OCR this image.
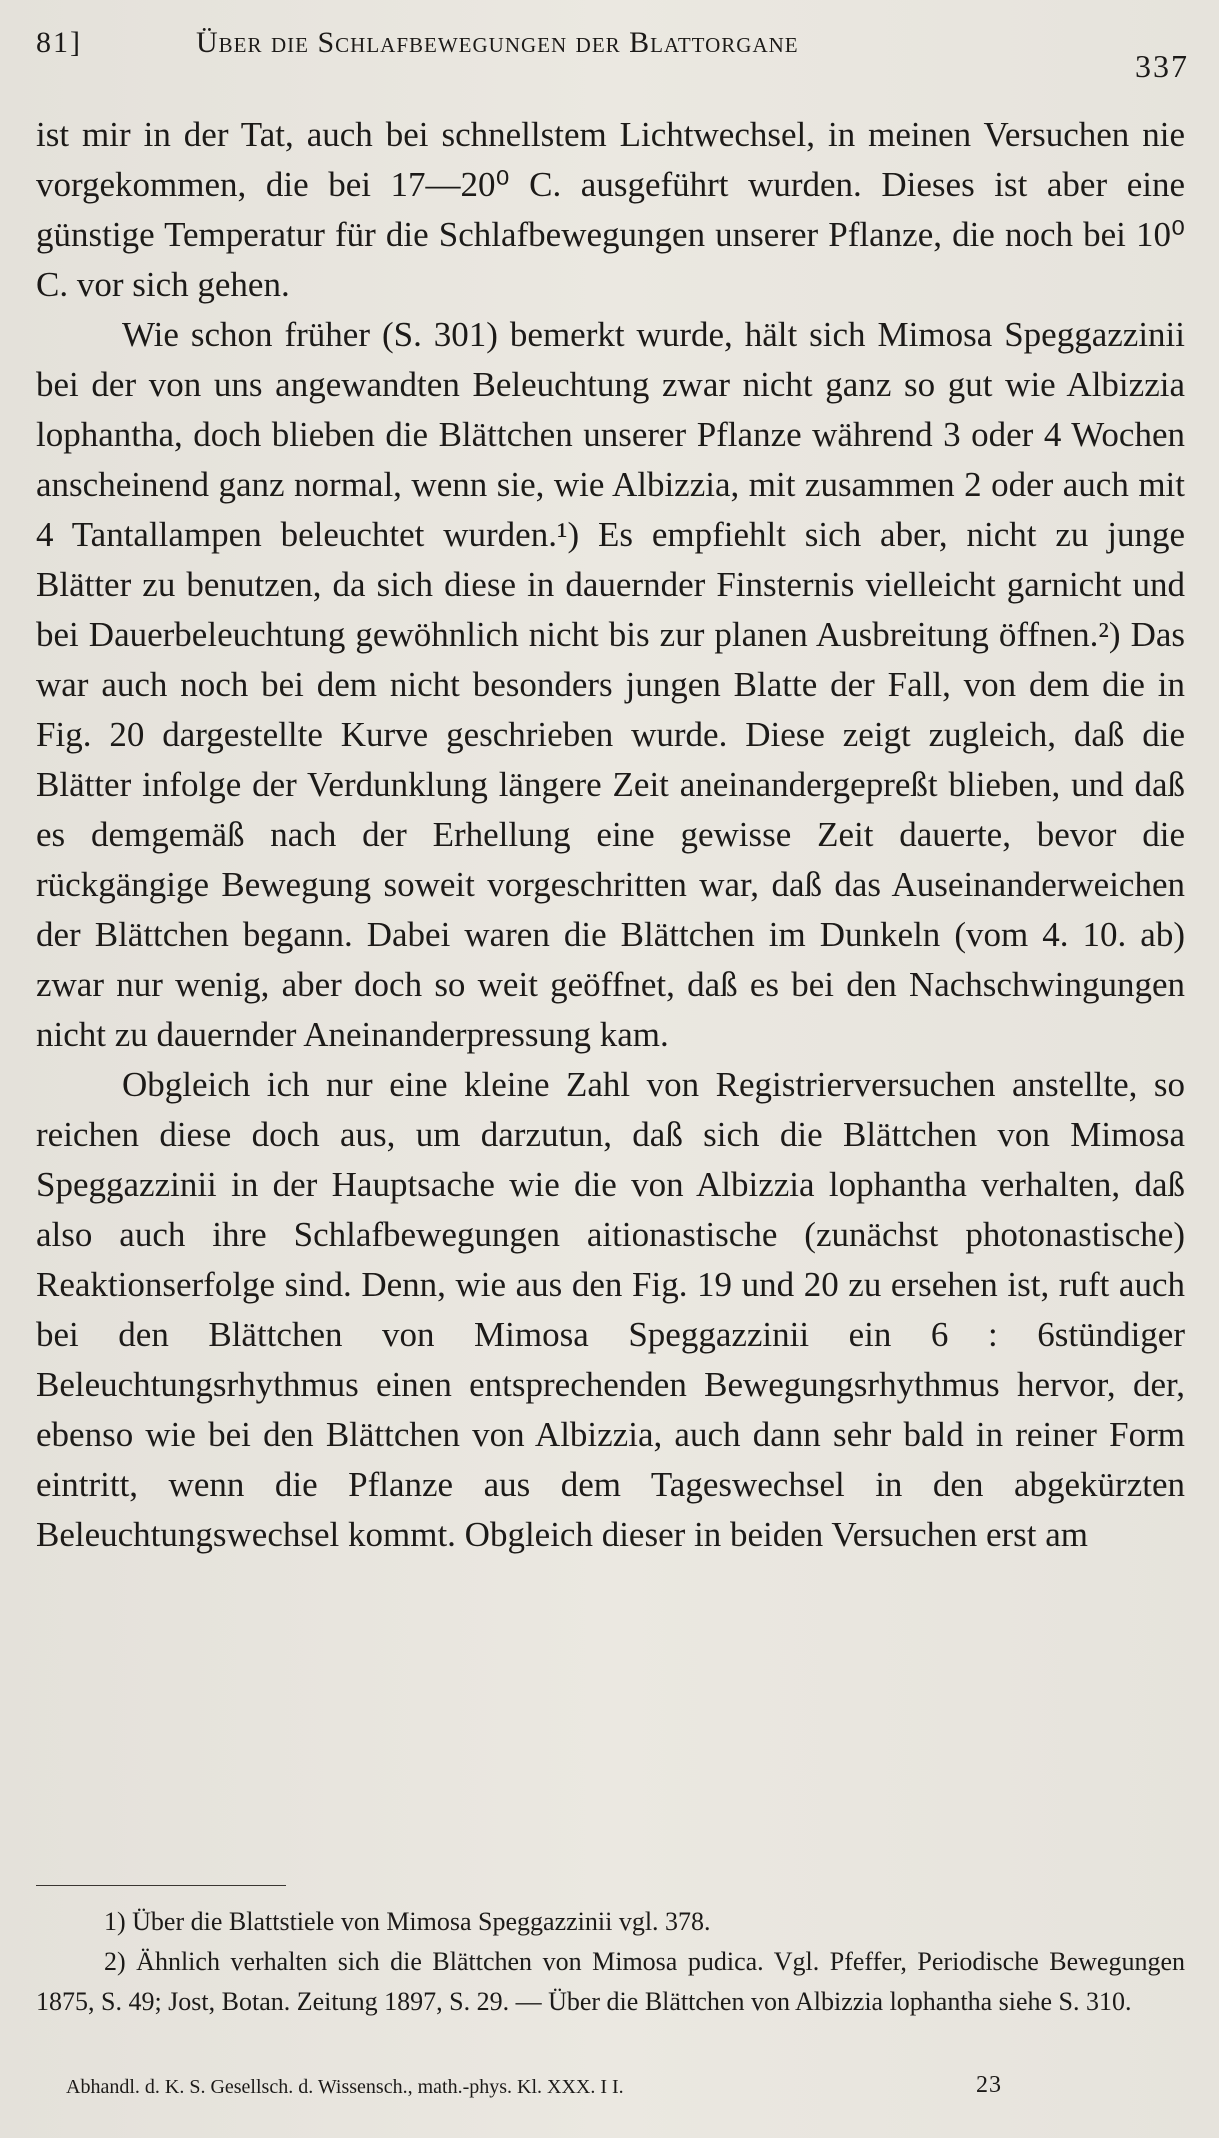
81]	Über die Schlafbewegungen der Blattorgane
337

ist mir in der Tat, auch bei schnellstem Lichtwechsel, in meinen Versuchen nie vorgekommen, die bei 17—20⁰ C. ausgeführt wurden. Dieses ist aber eine günstige Temperatur für die Schlafbewegungen unserer Pflanze, die noch bei 10⁰ C. vor sich gehen.

Wie schon früher (S. 301) bemerkt wurde, hält sich Mimosa Speggazzinii bei der von uns angewandten Beleuchtung zwar nicht ganz so gut wie Albizzia lophantha, doch blieben die Blättchen unserer Pflanze während 3 oder 4 Wochen anscheinend ganz normal, wenn sie, wie Albizzia, mit zusammen 2 oder auch mit 4 Tantallampen beleuchtet wurden.¹) Es empfiehlt sich aber, nicht zu junge Blätter zu benutzen, da sich diese in dauernder Finsternis vielleicht garnicht und bei Dauerbeleuchtung gewöhnlich nicht bis zur planen Ausbreitung öffnen.²) Das war auch noch bei dem nicht besonders jungen Blatte der Fall, von dem die in Fig. 20 dargestellte Kurve geschrieben wurde. Diese zeigt zugleich, daß die Blätter infolge der Verdunklung längere Zeit aneinandergepreßt blieben, und daß es demgemäß nach der Erhellung eine gewisse Zeit dauerte, bevor die rückgängige Bewegung soweit vorgeschritten war, daß das Auseinanderweichen der Blättchen begann. Dabei waren die Blättchen im Dunkeln (vom 4. 10. ab) zwar nur wenig, aber doch so weit geöffnet, daß es bei den Nachschwingungen nicht zu dauernder Aneinanderpressung kam.

Obgleich ich nur eine kleine Zahl von Registrierversuchen anstellte, so reichen diese doch aus, um darzutun, daß sich die Blättchen von Mimosa Speggazzinii in der Hauptsache wie die von Albizzia lophantha verhalten, daß also auch ihre Schlafbewegungen aitionastische (zunächst photonastische) Reaktionserfolge sind. Denn, wie aus den Fig. 19 und 20 zu ersehen ist, ruft auch bei den Blättchen von Mimosa Speggazzinii ein 6 : 6stündiger Beleuchtungsrhythmus einen entsprechenden Bewegungsrhythmus hervor, der, ebenso wie bei den Blättchen von Albizzia, auch dann sehr bald in reiner Form eintritt, wenn die Pflanze aus dem Tageswechsel in den abgekürzten Beleuchtungswechsel kommt. Obgleich dieser in beiden Versuchen erst am

1) Über die Blattstiele von Mimosa Speggazzinii vgl. 378.

2) Ähnlich verhalten sich die Blättchen von Mimosa pudica. Vgl. Pfeffer, Periodische Bewegungen 1875, S. 49; Jost, Botan. Zeitung 1897, S. 29. — Über die Blättchen von Albizzia lophantha siehe S. 310.

Abhandl. d. K. S. Gesellsch. d. Wissensch., math.-phys. Kl. XXX. I I.	23
